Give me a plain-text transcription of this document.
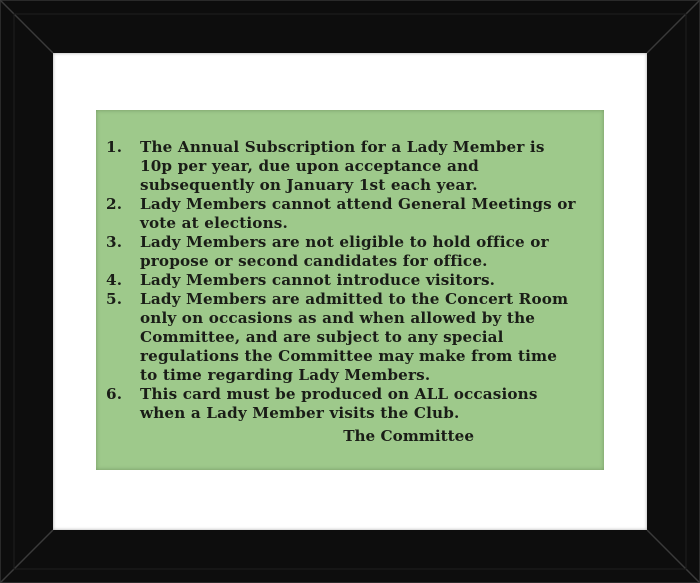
1.	The Annual Subscription for a Lady Member is 10p per year, due upon acceptance and subsequently on January 1st each year.
2.	Lady Members cannot attend General Meetings or vote at elections.
3.	Lady Members are not eligible to hold office or propose or second candidates for office.
4.	Lady Members cannot introduce visitors.
5.	Lady Members are admitted to the Concert Room only on occasions as and when allowed by the Committee, and are subject to any special regulations the Committee may make from time to time regarding Lady Members.
6.	This card must be produced on ALL occasions when a Lady Member visits the Club.
The Committee
